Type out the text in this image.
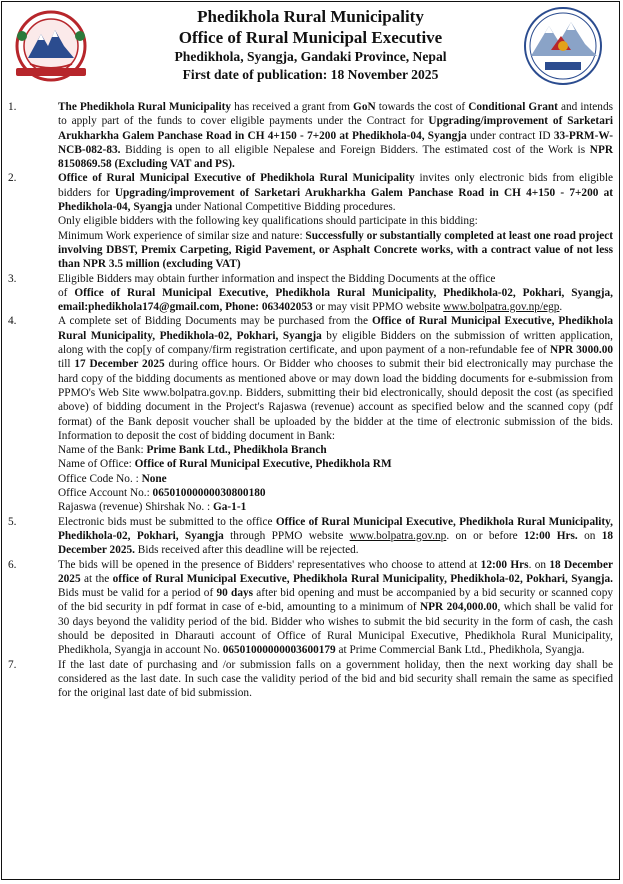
Phedikhola Rural Municipality
Office of Rural Municipal Executive
Phedikhola, Syangja, Gandaki Province, Nepal
First date of publication: 18 November 2025
1.	The Phedikhola Rural Municipality has received a grant from GoN towards the cost of Conditional Grant and intends to apply part of the funds to cover eligible payments under the Contract for Upgrading/improvement of Sarketari Arukharkha Galem Panchase Road in CH 4+150 - 7+200 at Phedikhola-04, Syangja under contract ID 33-PRM-W-NCB-082-83. Bidding is open to all eligible Nepalese and Foreign Bidders. The estimated cost of the Work is NPR 8150869.58 (Excluding VAT and PS).

2.	Office of Rural Municipal Executive of Phedikhola Rural Municipality invites only electronic bids from eligible bidders for Upgrading/improvement of Sarketari Arukharkha Galem Panchase Road in CH 4+150 - 7+200 at Phedikhola-04, Syangja under National Competitive Bidding procedures.

Only eligible bidders with the following key qualifications should participate in this bidding:

Minimum Work experience of similar size and nature: Successfully or substantially completed at least one road project involving DBST, Premix Carpeting, Rigid Pavement, or Asphalt Concrete works, with a contract value of not less than NPR 3.5 million (excluding VAT)

3.	Eligible Bidders may obtain further information and inspect the Bidding Documents at the office

of Office of Rural Municipal Executive, Phedikhola Rural Municipality, Phedikhola-02, Pokhari, Syangja, email:phedikhola174@gmail.com, Phone: 063402053 or may visit PPMO website www.bolpatra.gov.np/egp.

4.	A complete set of Bidding Documents may be purchased from the Office of Rural Municipal Executive, Phedikhola Rural Municipality, Phedikhola-02, Pokhari, Syangja by eligible Bidders on the submission of written application, along with the cop[y of company/firm registration certificate, and upon payment of a non-refundable fee of NPR 3000.00 till 17 December 2025 during office hours. Or Bidder who chooses to submit their bid electronically may purchase the hard copy of the bidding documents as mentioned above or may down load the bidding documents for e-submission from PPMO's Web Site www.bolpatra.gov.np. Bidders, submitting their bid electronically, should deposit the cost (as specified above) of bidding document in the Project's Rajaswa (revenue) account as specified below and the scanned copy (pdf format) of the Bank deposit voucher shall be uploaded by the bidder at the time of electronic submission of the bids. Information to deposit the cost of bidding document in Bank:

Name of the Bank: Prime Bank Ltd., Phedikhola Branch

Name of Office: Office of Rural Municipal Executive, Phedikhola RM

Office Code No. : None

Office Account No.: 06501000000030800180

Rajaswa (revenue) Shirshak No. : Ga-1-1

5.	Electronic bids must be submitted to the office Office of Rural Municipal Executive, Phedikhola Rural Municipality, Phedikhola-02, Pokhari, Syangja through PPMO website www.bolpatra.gov.np. on or before 12:00 Hrs. on 18 December 2025. Bids received after this deadline will be rejected.

6.	The bids will be opened in the presence of Bidders' representatives who choose to attend at 12:00 Hrs. on 18 December 2025 at the office of Rural Municipal Executive, Phedikhola Rural Municipality, Phedikhola-02, Pokhari, Syangja. Bids must be valid for a period of 90 days after bid opening and must be accompanied by a bid security or scanned copy of the bid security in pdf format in case of e-bid, amounting to a minimum of NPR 204,000.00, which shall be valid for 30 days beyond the validity period of the bid. Bidder who wishes to submit the bid security in the form of cash, the cash should be deposited in Dharauti account of Office of Rural Municipal Executive, Phedikhola Rural Municipality, Phedikhola, Syangja in account No. 06501000000003600179 at Prime Commercial Bank Ltd., Phedikhola, Syangja.

7.	If the last date of purchasing and /or submission falls on a government holiday, then the next working day shall be considered as the last date. In such case the validity period of the bid and bid security shall remain the same as specified for the original last date of bid submission.
